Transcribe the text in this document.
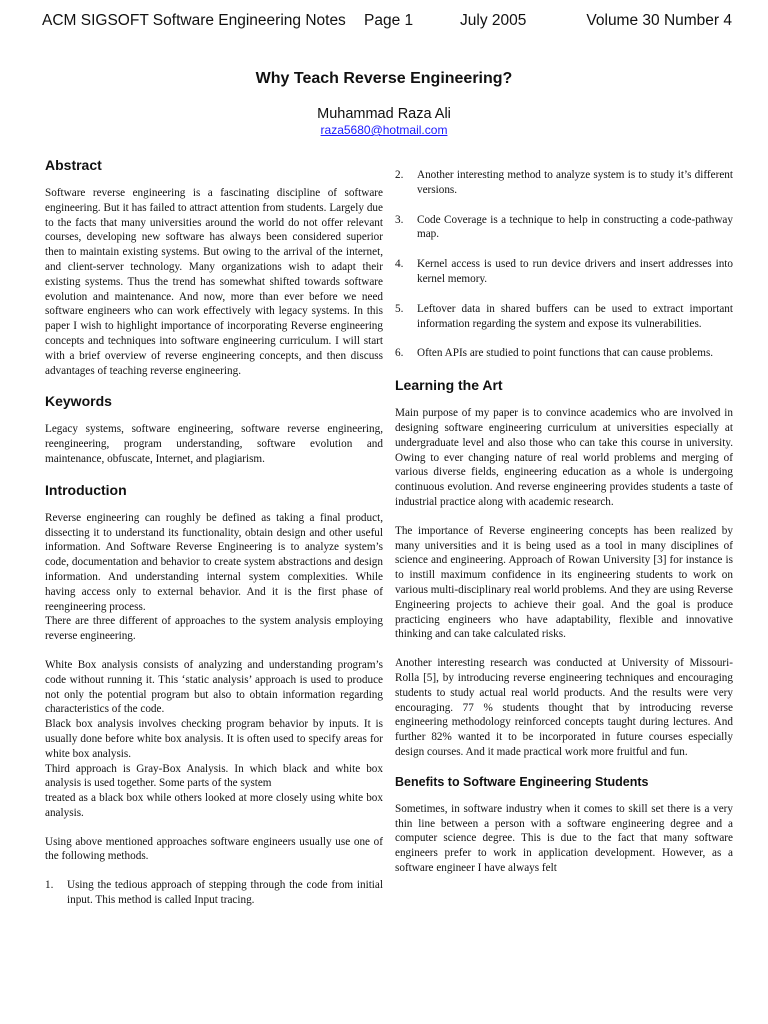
ACM SIGSOFT Software Engineering Notes Page 1	July 2005	Volume 30 Number 4
Why Teach Reverse Engineering?
Muhammad Raza Ali
raza5680@hotmail.com
Abstract

Software reverse engineering is a fascinating discipline of software engineering. But it has failed to attract attention from students. Largely due to the facts that many universities around the world do not offer relevant courses, developing new software has always been considered superior then to maintain existing systems. But owing to the arrival of the internet, and client-server technology. Many organizations wish to adapt their existing systems. Thus the trend has somewhat shifted towards software evolution and maintenance. And now, more than ever before we need software engineers who can work effectively with legacy systems. In this paper I wish to highlight importance of incorporating Reverse engineering concepts and techniques into software engineering curriculum. I will start with a brief overview of reverse engineering concepts, and then discuss advantages of teaching reverse engineering.

Keywords

Legacy systems, software engineering, software reverse engineering, reengineering, program understanding, software evolution and maintenance, obfuscate, Internet, and plagiarism.

Introduction

Reverse engineering can roughly be defined as taking a final product, dissecting it to understand its functionality, obtain design and other useful information. And Software Reverse Engineering is to analyze system’s code, documentation and behavior to create system abstractions and design information. And understanding internal system complexities. While having access only to external behavior. And it is the first phase of reengineering process.

There are three different of approaches to the system analysis employing reverse engineering.

White Box analysis consists of analyzing and understanding program’s code without running it. This ‘static analysis’ approach is used to produce not only the potential program but also to obtain information regarding characteristics of the code.

Black box analysis involves checking program behavior by inputs. It is usually done before white box analysis. It is often used to specify areas for white box analysis.

Third approach is Gray-Box Analysis. In which black and white box analysis is used together. Some parts of the system

treated as a black box while others looked at more closely using white box analysis.

Using above mentioned approaches software engineers usually use one of the following methods.

1. Using the tedious approach of stepping through the code from initial input. This method is called Input tracing.
2. Another interesting method to analyze system is to study it’s different versions.
3. Code Coverage is a technique to help in constructing a code-pathway map.
4. Kernel access is used to run device drivers and insert addresses into kernel memory.
5. Leftover data in shared buffers can be used to extract important information regarding the system and expose its vulnerabilities.
6. Often APIs are studied to point functions that can cause problems.
Learning the Art

Main purpose of my paper is to convince academics who are involved in designing software engineering curriculum at universities especially at undergraduate level and also those who can take this course in university. Owing to ever changing nature of real world problems and merging of various diverse fields, engineering education as a whole is undergoing continuous evolution. And reverse engineering provides students a taste of industrial practice along with academic research.

The importance of Reverse engineering concepts has been realized by many universities and it is being used as a tool in many disciplines of science and engineering. Approach of Rowan University [3] for instance is to instill maximum confidence in its engineering students to work on various multi-disciplinary real world problems. And they are using Reverse Engineering projects to achieve their goal. And the goal is produce practicing engineers who have adaptability, flexible and innovative thinking and can take calculated risks.

Another interesting research was conducted at University of Missouri-Rolla [5], by introducing reverse engineering techniques and encouraging students to study actual real world products. And the results were very encouraging. 77 % students thought that by introducing reverse engineering methodology reinforced concepts taught during lectures. And further 82% wanted it to be incorporated in future courses especially design courses. And it made practical work more fruitful and fun.

Benefits to Software Engineering Students

Sometimes, in software industry when it comes to skill set there is a very thin line between a person with a software engineering degree and a computer science degree. This is due to the fact that many software engineers prefer to work in application development. However, as a software engineer I have always felt
